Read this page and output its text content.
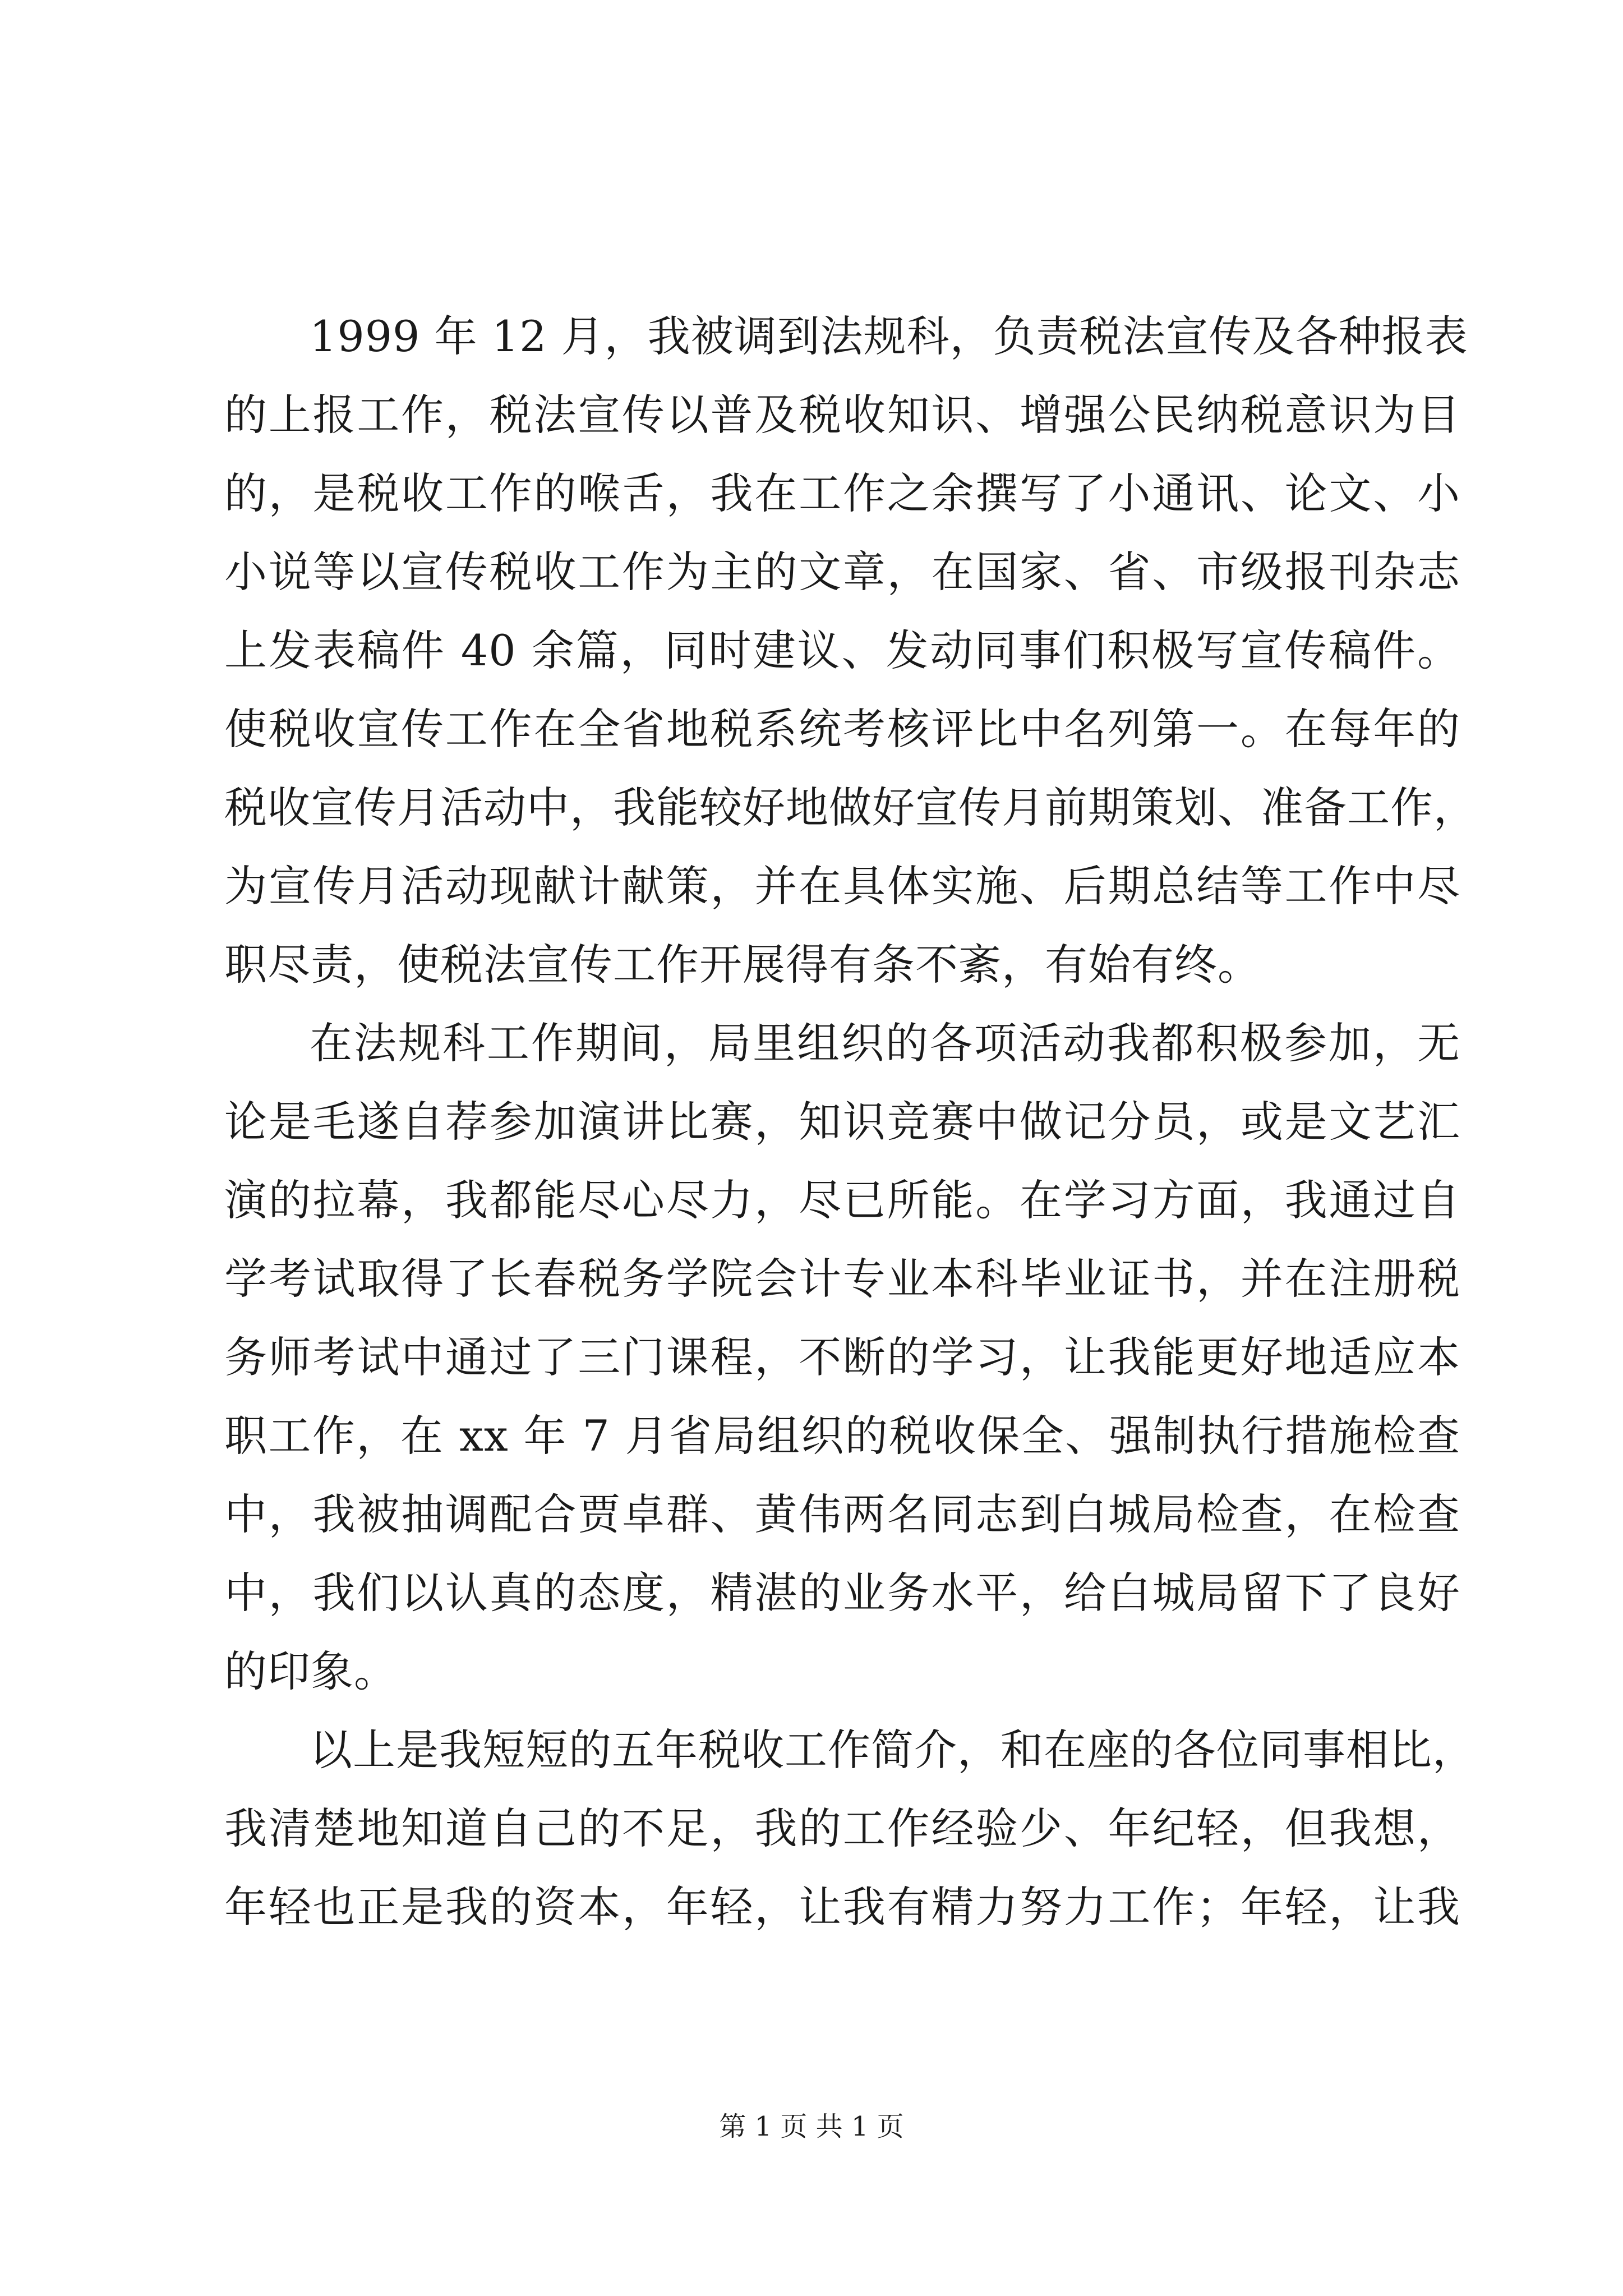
1999 年 12 月，我被调到法规科，负责税法宣传及各种报表
的上报工作，税法宣传以普及税收知识、增强公民纳税意识为目
的，是税收工作的喉舌，我在工作之余撰写了小通讯、论文、小
小说等以宣传税收工作为主的文章，在国家、省、市级报刊杂志
上发表稿件 40 余篇，同时建议、发动同事们积极写宣传稿件。
使税收宣传工作在全省地税系统考核评比中名列第一。在每年的
税收宣传月活动中，我能较好地做好宣传月前期策划、准备工作，
为宣传月活动现献计献策，并在具体实施、后期总结等工作中尽
职尽责，使税法宣传工作开展得有条不紊，有始有终。
在法规科工作期间，局里组织的各项活动我都积极参加，无
论是毛遂自荐参加演讲比赛，知识竞赛中做记分员，或是文艺汇
演的拉幕，我都能尽心尽力，尽已所能。在学习方面，我通过自
学考试取得了长春税务学院会计专业本科毕业证书，并在注册税
务师考试中通过了三门课程，不断的学习，让我能更好地适应本
职工作，在 xx 年 7 月省局组织的税收保全、强制执行措施检查
中，我被抽调配合贾卓群、黄伟两名同志到白城局检查，在检查
中，我们以认真的态度，精湛的业务水平，给白城局留下了良好
的印象。
以上是我短短的五年税收工作简介，和在座的各位同事相比，
我清楚地知道自己的不足，我的工作经验少、年纪轻，但我想，
年轻也正是我的资本，年轻，让我有精力努力工作；年轻，让我
第 1 页 共 1 页
